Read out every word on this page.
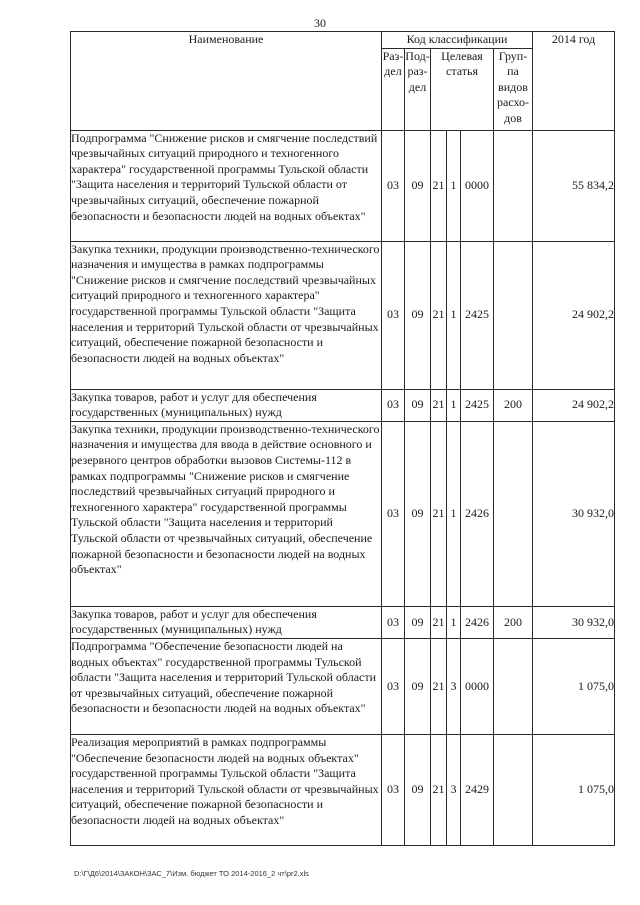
30
Наименование	Код классификации						2014 год
	Раз-дел	Под-раз-дел	Целевая статья			Груп-па видов расхо-дов	
Подпрограмма "Снижение рисков и смягчение последствий чрезвычайных ситуаций природного и техногенного характера" государственной программы Тульской области "Защита населения и территорий Тульской области от чрезвычайных ситуаций, обеспечение пожарной безопасности и безопасности людей на водных объектах"	03	09	21	1	0000		55 834,2
Закупка техники, продукции производственно-технического назначения и имущества в рамках подпрограммы "Снижение рисков и смягчение последствий чрезвычайных ситуаций природного и техногенного характера" государственной программы Тульской области "Защита населения и территорий Тульской области от чрезвычайных ситуаций, обеспечение пожарной безопасности и безопасности людей на водных объектах"	03	09	21	1	2425		24 902,2
Закупка товаров, работ и услуг для обеспечения государственных (муниципальных) нужд	03	09	21	1	2425	200	24 902,2
Закупка техники, продукции производственно-технического назначения и имущества для ввода в действие основного и резервного центров обработки вызовов Системы-112 в рамках подпрограммы "Снижение рисков и смягчение последствий чрезвычайных ситуаций природного и техногенного характера" государственной программы Тульской области "Защита населения и территорий Тульской области от чрезвычайных ситуаций, обеспечение пожарной безопасности и безопасности людей на водных объектах"	03	09	21	1	2426		30 932,0
Закупка товаров, работ и услуг для обеспечения государственных (муниципальных) нужд	03	09	21	1	2426	200	30 932,0
Подпрограмма "Обеспечение безопасности людей на водных объектах" государственной программы Тульской области "Защита населения и территорий Тульской области от чрезвычайных ситуаций, обеспечение пожарной безопасности и безопасности людей на водных объектах"	03	09	21	3	0000		1 075,0
Реализация мероприятий в рамках подпрограммы "Обеспечение безопасности людей на водных объектах" государственной программы Тульской области "Защита населения и территорий Тульской области от чрезвычайных ситуаций, обеспечение пожарной безопасности и безопасности людей на водных объектах"	03	09	21	3	2429		1 075,0
D:\Г\Д6\2014\ЗАКОН\ЗАС_7\Изм. бюджет ТО 2014-2016_2 чт\pr2.xls
